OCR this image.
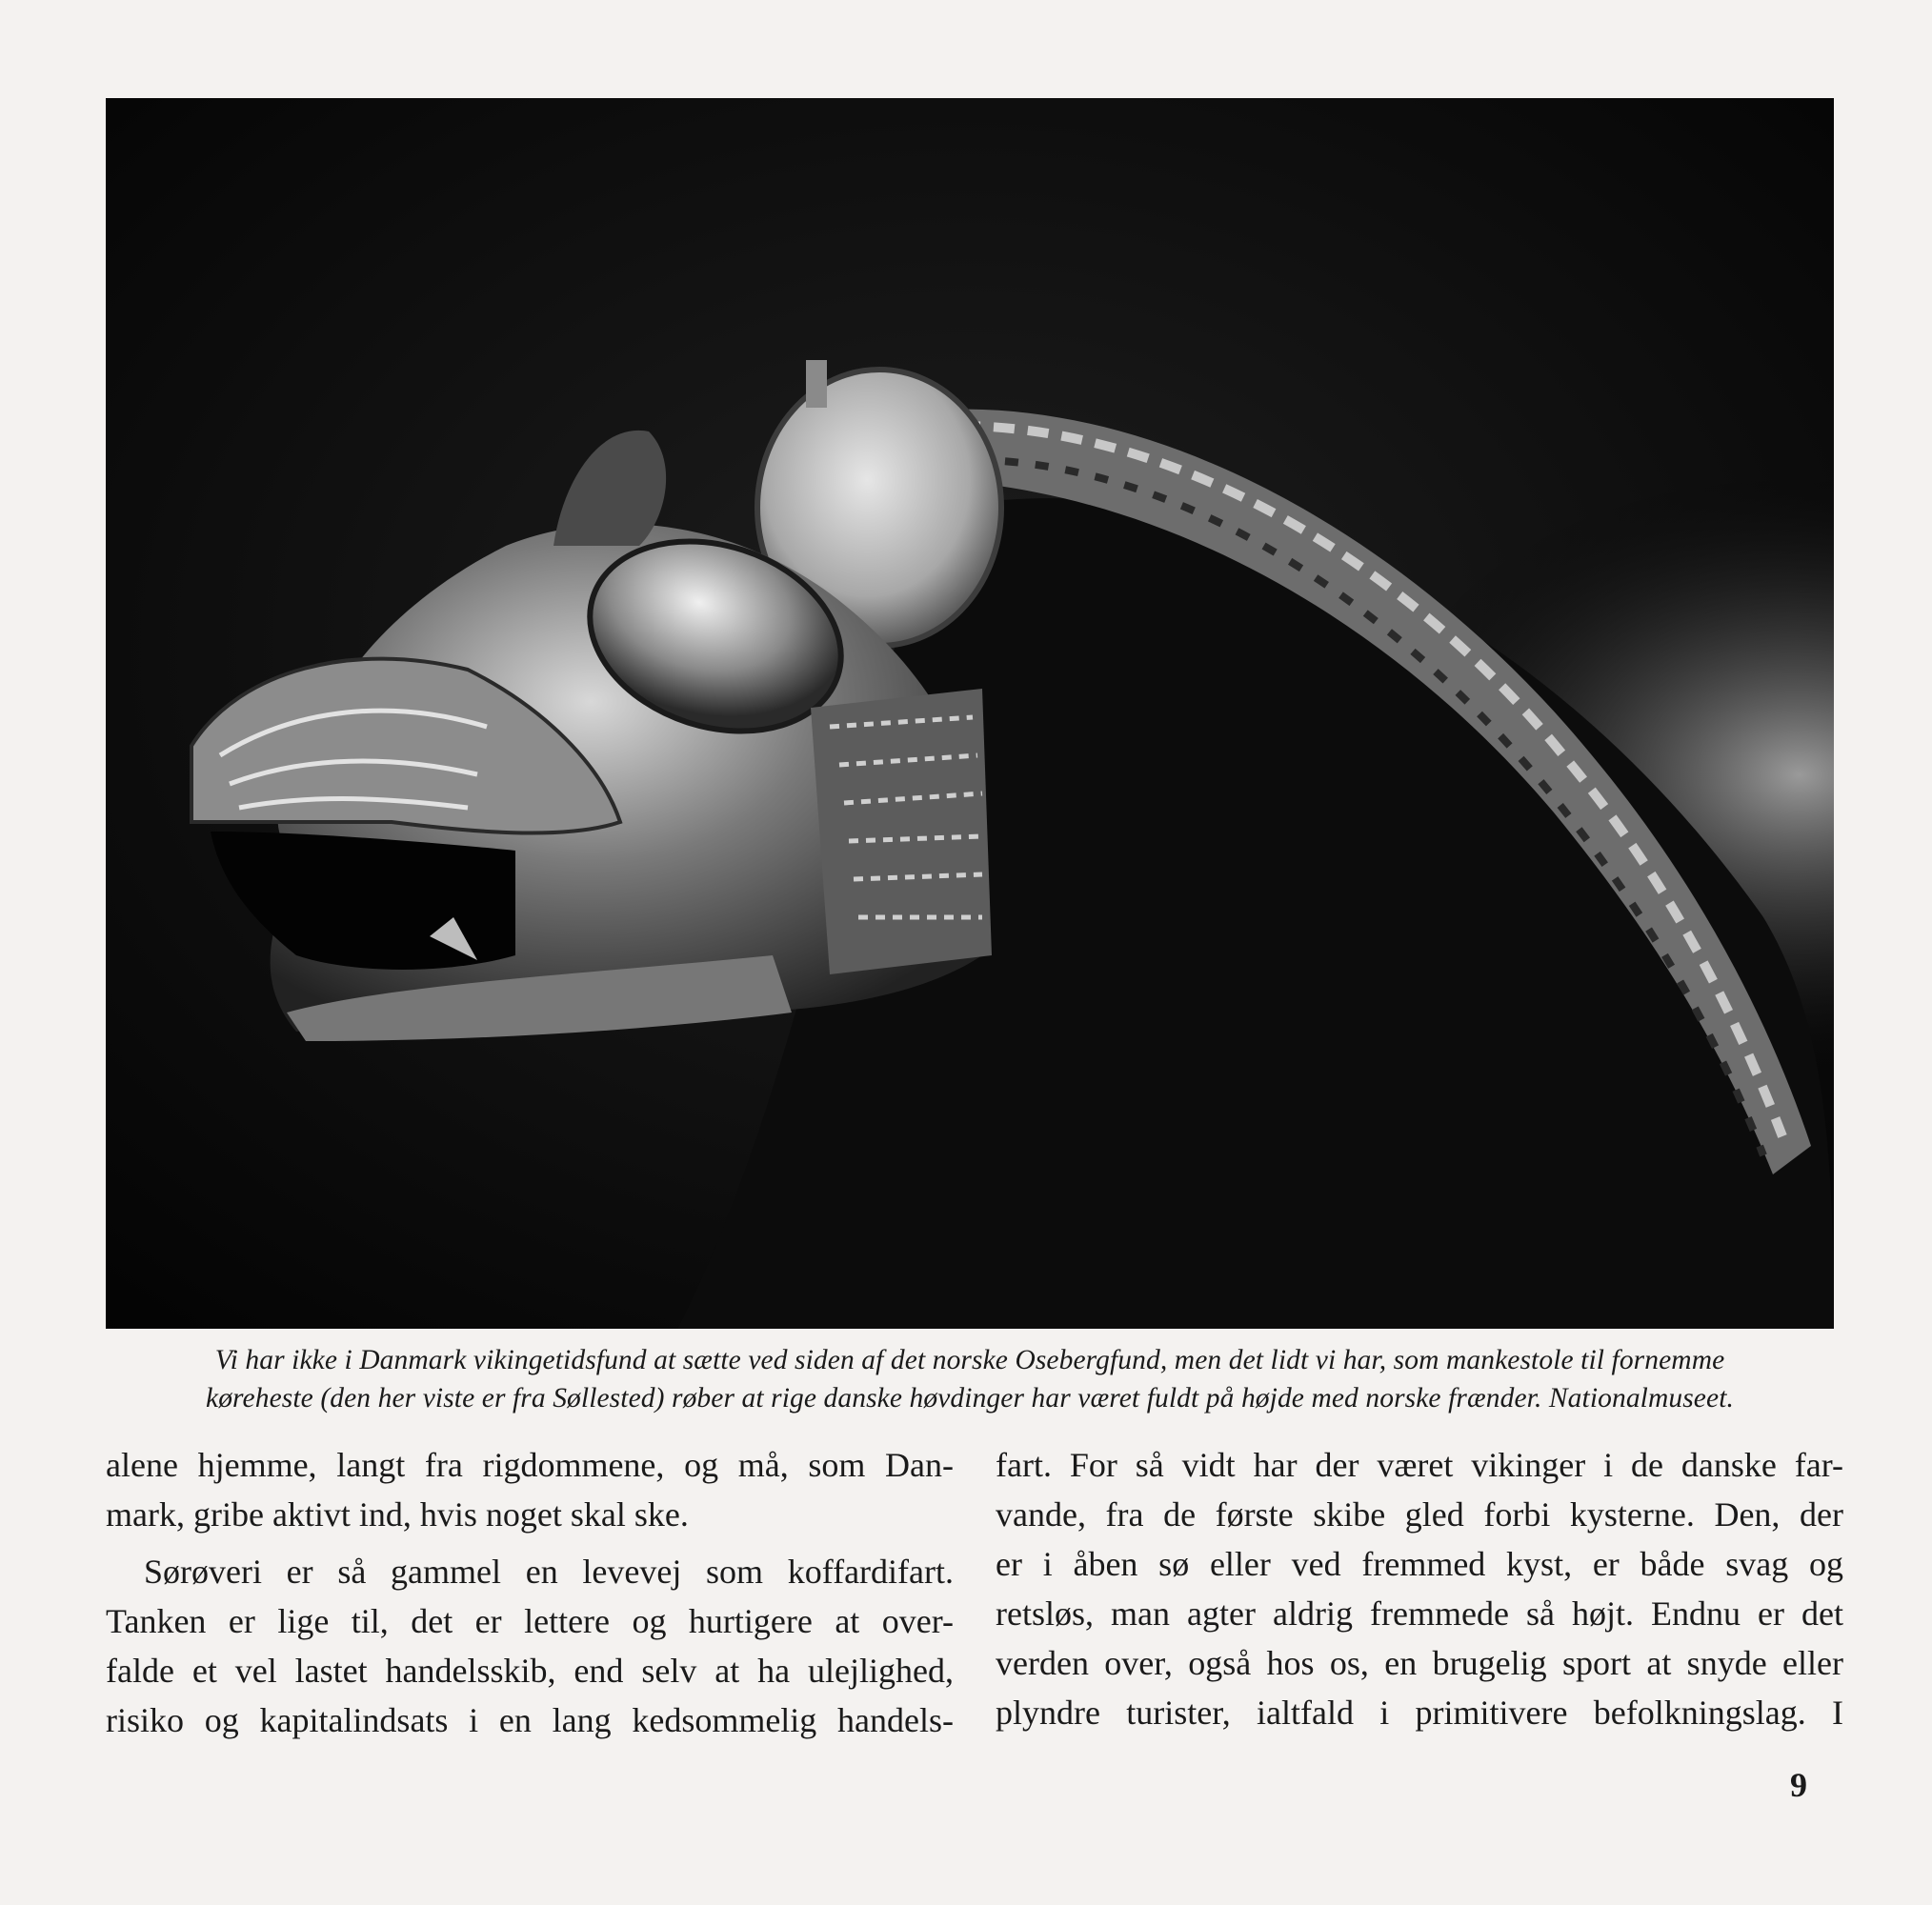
Vi har ikke i Danmark vikingetidsfund at sætte ved siden af det norske Osebergfund, men det lidt vi har, som mankestole til fornemme
køreheste (den her viste er fra Søllested) røber at rige danske høvdinger har været fuldt på højde med norske frænder. Nationalmuseet.

alene hjemme, langt fra rigdommene, og må, som Dan-
mark, gribe aktivt ind, hvis noget skal ske.
Sørøveri er så gammel en levevej som koffardifart.
Tanken er lige til, det er lettere og hurtigere at over-
falde et vel lastet handelsskib, end selv at ha ulejlighed,
risiko og kapitalindsats i en lang kedsommelig handels-
fart. For så vidt har der været vikinger i de danske far-
vande, fra de første skibe gled forbi kysterne. Den, der
er i åben sø eller ved fremmed kyst, er både svag og
retsløs, man agter aldrig fremmede så højt. Endnu er det
verden over, også hos os, en brugelig sport at snyde eller
plyndre turister, ialtfald i primitivere befolkningslag. I
9
